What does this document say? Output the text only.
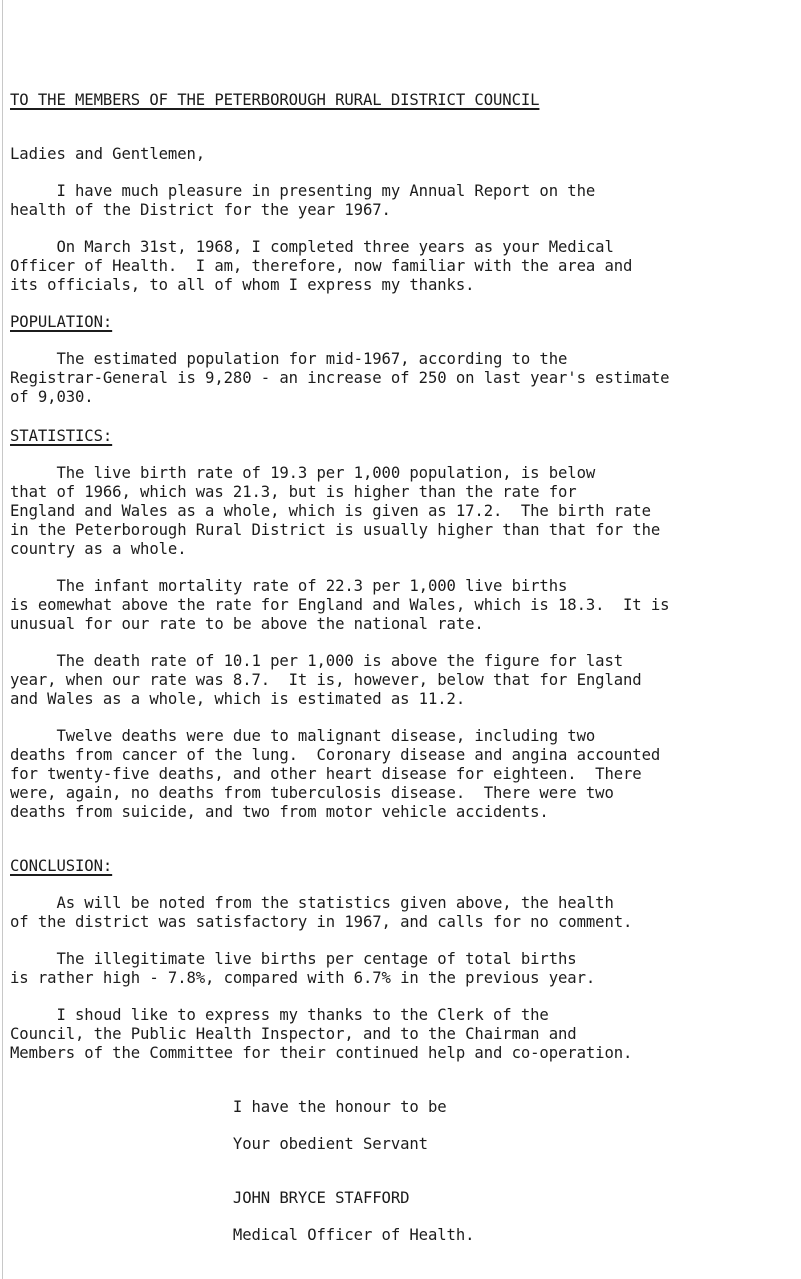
TO THE MEMBERS OF THE PETERBOROUGH RURAL DISTRICT COUNCIL
Ladies and Gentlemen,
I have much pleasure in presenting my Annual Report on the
health of the District for the year 1967.
On March 31st, 1968, I completed three years as your Medical
Officer of Health.  I am, therefore, now familiar with the area and
its officials, to all of whom I express my thanks.
POPULATION:
The estimated population for mid-1967, according to the
Registrar-General is 9,280 - an increase of 250 on last year's estimate
of 9,030.
STATISTICS:
The live birth rate of 19.3 per 1,000 population, is below
that of 1966, which was 21.3, but is higher than the rate for
England and Wales as a whole, which is given as 17.2.  The birth rate
in the Peterborough Rural District is usually higher than that for the
country as a whole.
The infant mortality rate of 22.3 per 1,000 live births
is eomewhat above the rate for England and Wales, which is 18.3.  It is
unusual for our rate to be above the national rate.
The death rate of 10.1 per 1,000 is above the figure for last
year, when our rate was 8.7.  It is, however, below that for England
and Wales as a whole, which is estimated as 11.2.
Twelve deaths were due to malignant disease, including two
deaths from cancer of the lung.  Coronary disease and angina accounted
for twenty-five deaths, and other heart disease for eighteen.  There
were, again, no deaths from tuberculosis disease.  There were two
deaths from suicide, and two from motor vehicle accidents.
CONCLUSION:
As will be noted from the statistics given above, the health
of the district was satisfactory in 1967, and calls for no comment.
The illegitimate live births per centage of total births
is rather high - 7.8%, compared with 6.7% in the previous year.
I shoud like to express my thanks to the Clerk of the
Council, the Public Health Inspector, and to the Chairman and
Members of the Committee for their continued help and co-operation.
I have the honour to be
Your obedient Servant
JOHN BRYCE STAFFORD
Medical Officer of Health.
